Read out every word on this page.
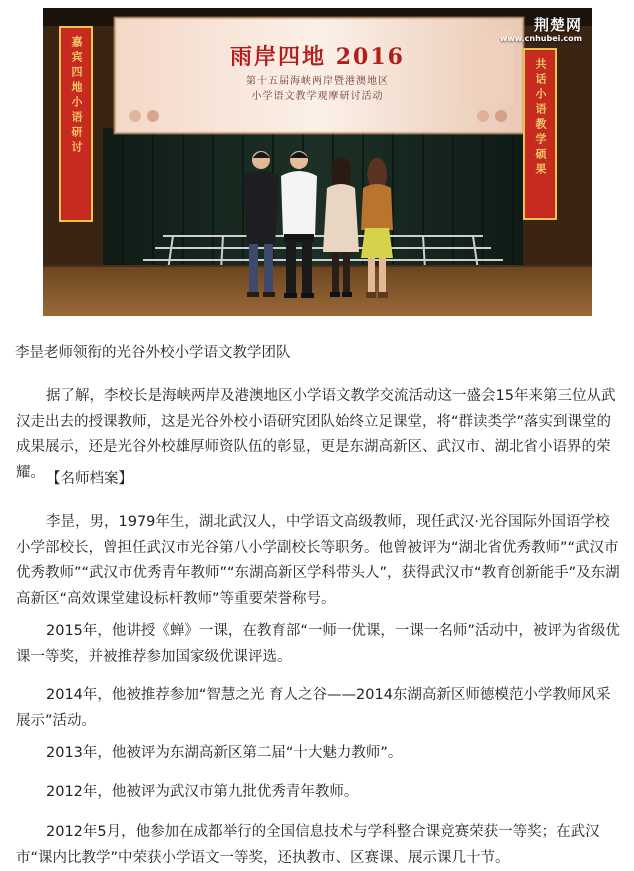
雨岸四地 2016
第十五届海峡两岸暨港澳地区
小学语文教学观摩研讨活动
嘉宾四地小语研讨	共话小语教学硕果
荆楚网
www.cnhubei.com
李昰老师领衔的光谷外校小学语文教学团队

据了解，李校长是海峡两岸及港澳地区小学语文教学交流活动这一盛会15年来第三位从武汉走出去的授课教师，这是光谷外校小语研究团队始终立足课堂，将“群读类学”落实到课堂的成果展示，还是光谷外校雄厚师资队伍的彰显，更是东湖高新区、武汉市、湖北省小语界的荣耀。 【名师档案】

李昰，男，1979年生，湖北武汉人，中学语文高级教师，现任武汉·光谷国际外国语学校小学部校长，曾担任武汉市光谷第八小学副校长等职务。他曾被评为“湖北省优秀教师”“武汉市优秀教师”“武汉市优秀青年教师”“东湖高新区学科带头人”，获得武汉市“教育创新能手”及东湖高新区“高效课堂建设标杆教师”等重要荣誉称号。

2015年，他讲授《蝉》一课，在教育部“一师一优课，一课一名师”活动中，被评为省级优课一等奖，并被推荐参加国家级优课评选。

2014年，他被推荐参加“智慧之光 育人之谷——2014东湖高新区师德模范小学教师风采展示”活动。

2013年，他被评为东湖高新区第二届“十大魅力教师”。

2012年，他被评为武汉市第九批优秀青年教师。

2012年5月，他参加在成都举行的全国信息技术与学科整合课竞赛荣获一等奖；在武汉市“课内比教学”中荣获小学语文一等奖，还执教市、区赛课、展示课几十节。
